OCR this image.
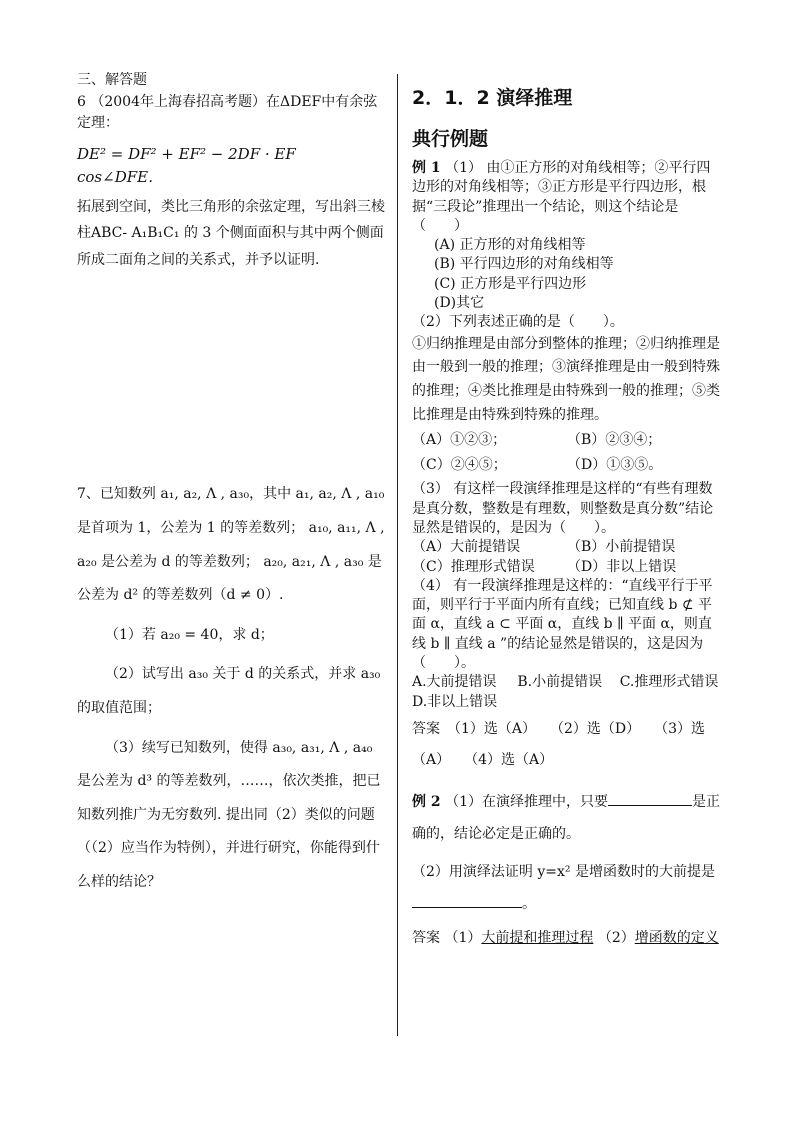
三、解答题

6 （2004年上海春招高考题）在ΔDEF中有余弦定理：

DE² = DF² + EF² − 2DF · EF cos∠DFE．

拓展到空间，类比三角形的余弦定理，写出斜三棱柱ABC- A₁B₁C₁ 的 3 个侧面面积与其中两个侧面所成二面角之间的关系式，并予以证明.

7、已知数列 a₁, a₂, Λ , a₃₀，其中 a₁, a₂, Λ , a₁₀ 是首项为 1，公差为 1 的等差数列； a₁₀, a₁₁, Λ , a₂₀ 是公差为 d 的等差数列； a₂₀, a₂₁, Λ , a₃₀ 是公差为 d² 的等差数列（d ≠ 0）.

（1）若 a₂₀ = 40，求 d；

（2）试写出 a₃₀ 关于 d 的关系式，并求 a₃₀ 的取值范围；

（3）续写已知数列，使得 a₃₀, a₃₁, Λ , a₄₀ 是公差为 d³ 的等差数列，……，依次类推，把已知数列推广为无穷数列. 提出同（2）类似的问题（（2）应当作为特例），并进行研究，你能得到什么样的结论？

2．1．2 演绎推理

典行例题

例 1 （1） 由①正方形的对角线相等；②平行四边形的对角线相等；③正方形是平行四边形，根据“三段论”推理出一个结论，则这个结论是（　　）

(A) 正方形的对角线相等

(B) 平行四边形的对角线相等

(C) 正方形是平行四边形

(D)其它

（2）下列表述正确的是（　　）。

①归纳推理是由部分到整体的推理；②归纳推理是由一般到一般的推理；③演绎推理是由一般到特殊的推理；④类比推理是由特殊到一般的推理；⑤类比推理是由特殊到特殊的推理。

（A）①②③；	（B）②③④；
（C）②④⑤；	（D）①③⑤。

（3） 有这样一段演绎推理是这样的“有些有理数是真分数，整数是有理数，则整数是真分数”结论显然是错误的，是因为（　　）。

（A）大前提错误	（B）小前提错误
（C）推理形式错误	（D）非以上错误

（4） 有一段演绎推理是这样的：“直线平行于平面，则平行于平面内所有直线；已知直线 b ⊄ 平面 α，直线 a ⊂ 平面 α，直线 b ∥ 平面 α，则直线 b ∥ 直线 a ”的结论显然是错误的，这是因为（　　）。

A.大前提错误	B.小前提错误	C.推理形式错误
D.非以上错误

答案　（1）选（A）　　（2）选（D）　　（3）选（A）　　（4）选（A）

例 2 （1）在演绎推理中，只要	是正确的，结论必定是正确的。

（2）用演绎法证明 y=x² 是增函数时的大前提是。

答案 （1）大前提和推理过程 （2）增函数的定义
